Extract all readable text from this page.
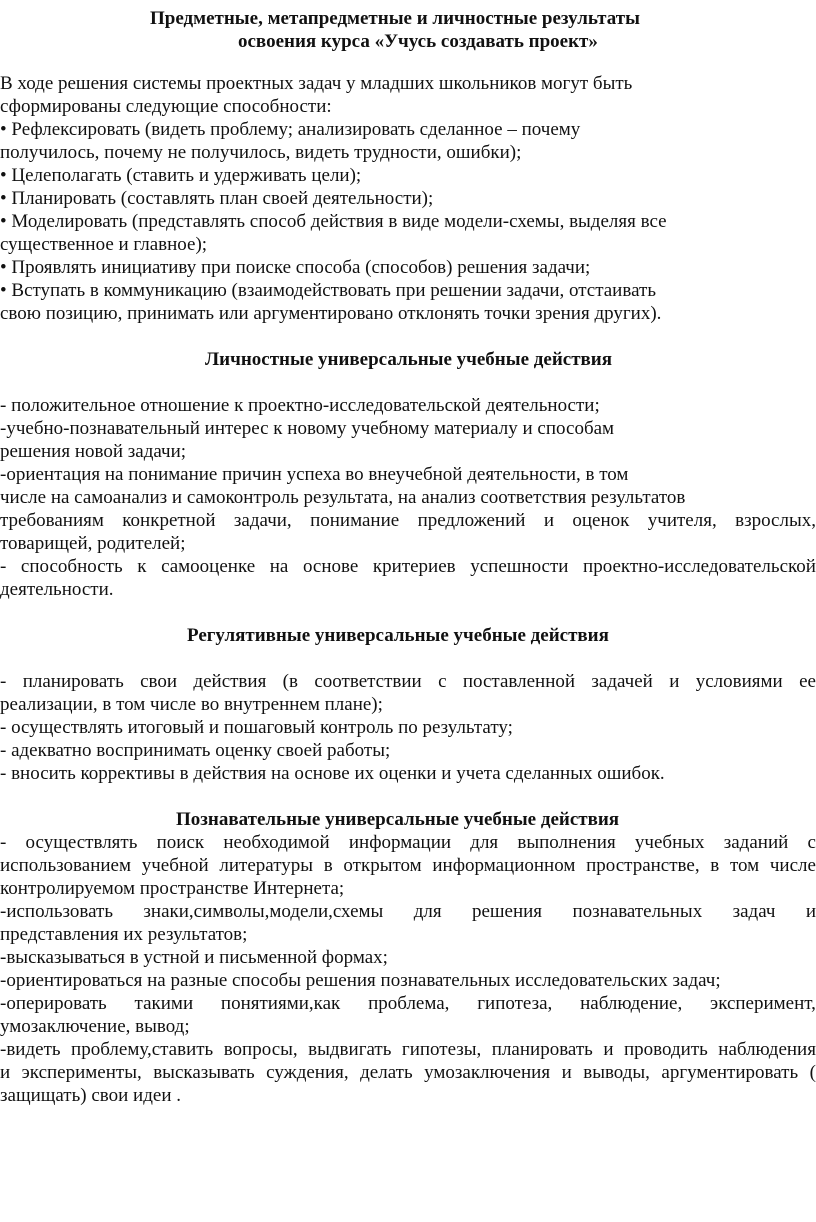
Предметные, метапредметные и личностные результаты
освоения курса «Учусь создавать проект»
В ходе решения системы проектных задач у младших школьников могут быть
сформированы следующие способности:
• Рефлексировать (видеть проблему; анализировать сделанное – почему
получилось, почему не получилось, видеть трудности, ошибки);
• Целеполагать (ставить и удерживать цели);
• Планировать (составлять план своей деятельности);
• Моделировать (представлять способ действия в виде модели-схемы, выделяя все
существенное и главное);
• Проявлять инициативу при поиске способа (способов) решения задачи;
• Вступать в коммуникацию (взаимодействовать при решении задачи, отстаивать
свою позицию, принимать или аргументировано отклонять точки зрения других).
Личностные универсальные учебные действия
- положительное отношение к проектно-исследовательской деятельности;
-учебно-познавательный интерес к новому учебному материалу и способам
решения новой задачи;
-ориентация на понимание причин успеха во внеучебной деятельности, в том
числе на самоанализ и самоконтроль результата, на анализ соответствия результатов
требованиям конкретной задачи, понимание предложений и оценок учителя, взрослых,
товарищей, родителей;
- способность к самооценке на основе критериев успешности проектно-исследовательской
деятельности.
Регулятивные универсальные учебные действия
- планировать свои действия (в соответствии с поставленной задачей и условиями ее
реализации, в том числе во внутреннем плане);
- осуществлять итоговый и пошаговый контроль по результату;
- адекватно воспринимать оценку своей работы;
- вносить коррективы в действия на основе их оценки и учета сделанных ошибок.
Познавательные универсальные учебные действия
- осуществлять поиск необходимой информации для выполнения учебных заданий с
использованием учебной литературы в открытом информационном пространстве, в том числе
контролируемом пространстве Интернета;
-использовать знаки,символы,модели,схемы для решения познавательных задач и
представления их результатов;
-высказываться в устной и письменной формах;
-ориентироваться на разные способы решения познавательных исследовательских задач;
-оперировать такими понятиями,как проблема, гипотеза, наблюдение, эксперимент,
умозаключение, вывод;
-видеть проблему,ставить вопросы, выдвигать гипотезы, планировать и проводить наблюдения
и эксперименты, высказывать суждения, делать умозаключения и выводы, аргументировать (
защищать) свои идеи .
